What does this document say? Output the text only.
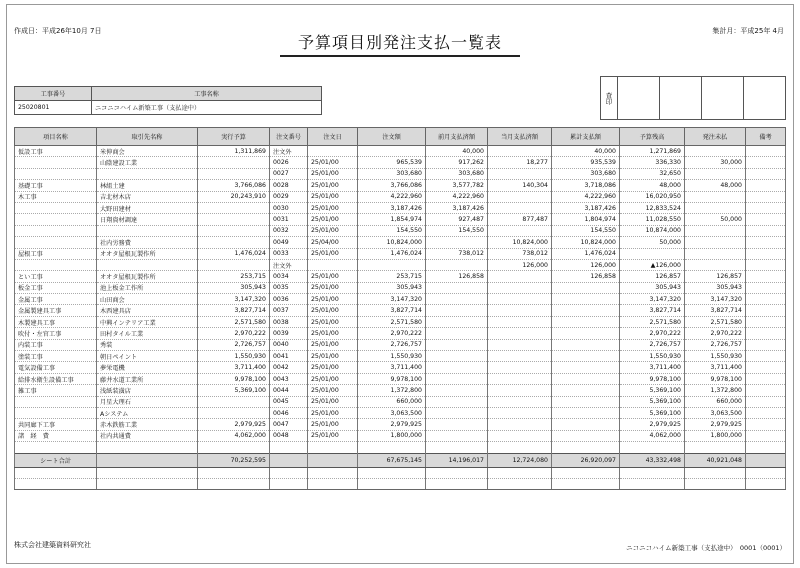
作成日：平成26年10月 7日
予算項目別発注支払一覧表
集計月：平成25年 4月
工事番号	工事名称
25020801	ニコニコハイム新築工事（支払途中）
査印				
項目名称	取引先名称	実行予算	注文番号	注文日	注文額	前月支払済額	当月支払済額	累計支払額	予算残高	発注未払	備考
仮設工事	米伸商会	1,311,869	注文外			40,000		40,000	1,271,869		
	山陰建設工業		0026	25/01/00	965,539	917,262	18,277	935,539	336,330	30,000	
			0027	25/01/00	303,680	303,680		303,680	32,650		
基礎工事	林組土建	3,766,086	0028	25/01/00	3,766,086	3,577,782	140,304	3,718,086	48,000	48,000	
木工事	吉北材木店	20,243,910	0029	25/01/00	4,222,960	4,222,960		4,222,960	16,020,950		
	大野田建材		0030	25/01/00	3,187,426	3,187,426		3,187,426	12,833,524		
	日翔資材調達		0031	25/01/00	1,854,974	927,487	877,487	1,804,974	11,028,550	50,000	
			0032	25/01/00	154,550	154,550		154,550	10,874,000		
	社内労務費		0049	25/04/00	10,824,000		10,824,000	10,824,000	50,000		
屋根工事	オオタ屋根瓦製作所	1,476,024	0033	25/01/00	1,476,024	738,012	738,012	1,476,024			
			注文外				126,000	126,000	▲126,000		
とい工事	オオタ屋根瓦製作所	253,715	0034	25/01/00	253,715	126,858		126,858	126,857	126,857	
板金工事	池上板金工作所	305,943	0035	25/01/00	305,943				305,943	305,943	
金属工事	山田商会	3,147,320	0036	25/01/00	3,147,320				3,147,320	3,147,320	
金属製建具工事	木西建具店	3,827,714	0037	25/01/00	3,827,714				3,827,714	3,827,714	
木製建具工事	中興インテリア工業	2,571,580	0038	25/01/00	2,571,580				2,571,580	2,571,580	
吹付・左官工事	田村タイル工業	2,970,222	0039	25/01/00	2,970,222				2,970,222	2,970,222	
内装工事	秀装	2,726,757	0040	25/01/00	2,726,757				2,726,757	2,726,757	
塗装工事	朝日ペイント	1,550,930	0041	25/01/00	1,550,930				1,550,930	1,550,930	
電気設備工事	夢栄電機	3,711,400	0042	25/01/00	3,711,400				3,711,400	3,711,400	
給排水衛生設備工事	藤井水道工業所	9,978,100	0043	25/01/00	9,978,100				9,978,100	9,978,100	
雑工事	浅紙装潢店	5,369,100	0044	25/01/00	1,372,800				5,369,100	1,372,800	
	月星大理石		0045	25/01/00	660,000				5,369,100	660,000	
	Aシステム		0046	25/01/00	3,063,500				5,369,100	3,063,500	
共同廊下工事	赤木鉄筋工業	2,979,925	0047	25/01/00	2,979,925				2,979,925	2,979,925	
諸　経　費	社内共通費	4,062,000	0048	25/01/00	1,800,000				4,062,000	1,800,000	

シート合計		70,252,595			67,675,145	14,196,017	12,724,080	26,920,097	43,332,498	40,921,048	

株式会社建築資料研究社	ニコニコハイム新築工事（支払途中）　0001（0001）
